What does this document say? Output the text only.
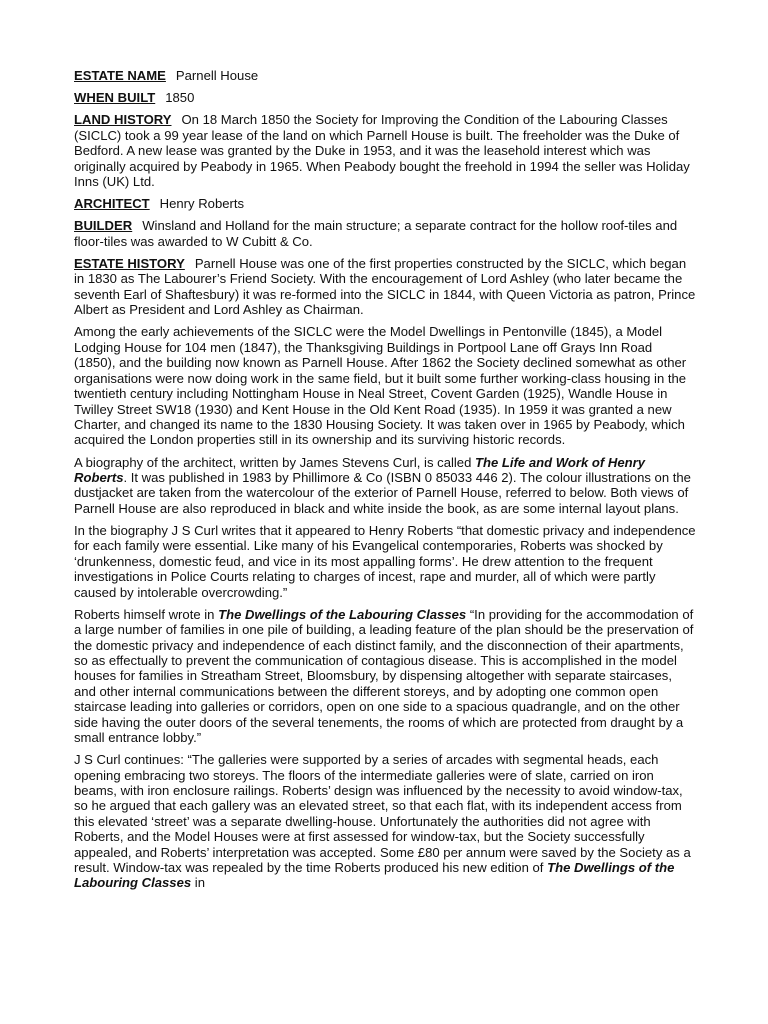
ESTATE NAME Parnell House

WHEN BUILT 1850

LAND HISTORY On 18 March 1850 the Society for Improving the Condition of the Labouring Classes (SICLC) took a 99 year lease of the land on which Parnell House is built. The freeholder was the Duke of Bedford. A new lease was granted by the Duke in 1953, and it was the leasehold interest which was originally acquired by Peabody in 1965. When Peabody bought the freehold in 1994 the seller was Holiday Inns (UK) Ltd.

ARCHITECT Henry Roberts

BUILDER Winsland and Holland for the main structure; a separate contract for the hollow roof-tiles and floor-tiles was awarded to W Cubitt & Co.

ESTATE HISTORY Parnell House was one of the first properties constructed by the SICLC, which began in 1830 as The Labourer’s Friend Society. With the encouragement of Lord Ashley (who later became the seventh Earl of Shaftesbury) it was re-formed into the SICLC in 1844, with Queen Victoria as patron, Prince Albert as President and Lord Ashley as Chairman.

Among the early achievements of the SICLC were the Model Dwellings in Pentonville (1845), a Model Lodging House for 104 men (1847), the Thanksgiving Buildings in Portpool Lane off Grays Inn Road (1850), and the building now known as Parnell House. After 1862 the Society declined somewhat as other organisations were now doing work in the same field, but it built some further working-class housing in the twentieth century including Nottingham House in Neal Street, Covent Garden (1925), Wandle House in Twilley Street SW18 (1930) and Kent House in the Old Kent Road (1935). In 1959 it was granted a new Charter, and changed its name to the 1830 Housing Society. It was taken over in 1965 by Peabody, which acquired the London properties still in its ownership and its surviving historic records.

A biography of the architect, written by James Stevens Curl, is called The Life and Work of Henry Roberts. It was published in 1983 by Phillimore & Co (ISBN 0 85033 446 2). The colour illustrations on the dustjacket are taken from the watercolour of the exterior of Parnell House, referred to below. Both views of Parnell House are also reproduced in black and white inside the book, as are some internal layout plans.

In the biography J S Curl writes that it appeared to Henry Roberts “that domestic privacy and independence for each family were essential. Like many of his Evangelical contemporaries, Roberts was shocked by ‘drunkenness, domestic feud, and vice in its most appalling forms’. He drew attention to the frequent investigations in Police Courts relating to charges of incest, rape and murder, all of which were partly caused by intolerable overcrowding.”

Roberts himself wrote in The Dwellings of the Labouring Classes “In providing for the accommodation of a large number of families in one pile of building, a leading feature of the plan should be the preservation of the domestic privacy and independence of each distinct family, and the disconnection of their apartments, so as effectually to prevent the communication of contagious disease. This is accomplished in the model houses for families in Streatham Street, Bloomsbury, by dispensing altogether with separate staircases, and other internal communications between the different storeys, and by adopting one common open staircase leading into galleries or corridors, open on one side to a spacious quadrangle, and on the other side having the outer doors of the several tenements, the rooms of which are protected from draught by a small entrance lobby.”

J S Curl continues: “The galleries were supported by a series of arcades with segmental heads, each opening embracing two storeys. The floors of the intermediate galleries were of slate, carried on iron beams, with iron enclosure railings. Roberts’ design was influenced by the necessity to avoid window-tax, so he argued that each gallery was an elevated street, so that each flat, with its independent access from this elevated ‘street’ was a separate dwelling-house. Unfortunately the authorities did not agree with Roberts, and the Model Houses were at first assessed for window-tax, but the Society successfully appealed, and Roberts’ interpretation was accepted. Some £80 per annum were saved by the Society as a result. Window-tax was repealed by the time Roberts produced his new edition of The Dwellings of the Labouring Classes in
